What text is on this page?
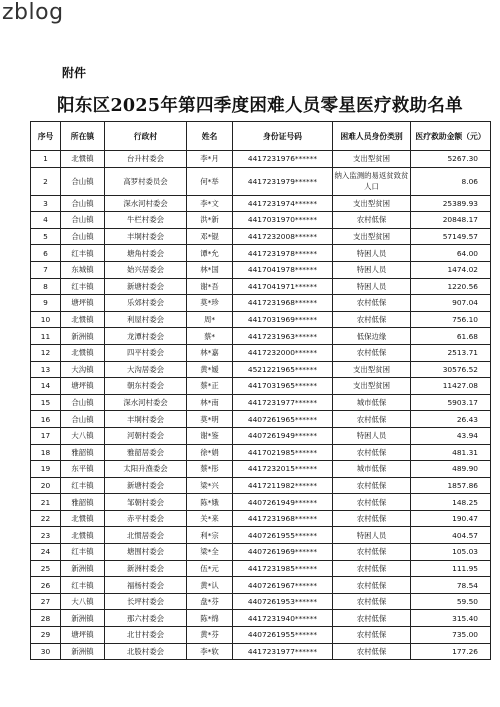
zblog
附件
阳东区2025年第四季度困难人员零星医疗救助名单
序号	所在镇	行政村	姓名	身份证号码	困难人员身份类别	医疗救助金额（元）
1	北惯镇	台升村委会	李*月	4417231976******	支出型贫困	5267.30
2	合山镇	高罗村委员会	何*举	4417231979******	纳入监测的易返贫致贫人口	8.06
3	合山镇	深水河村委会	李*文	4417231974******	支出型贫困	25389.93
4	合山镇	牛栏村委会	洪*新	4417031970******	农村低保	20848.17
5	合山镇	丰垌村委会	邓*锟	4417232008******	支出型贫困	57149.57
6	红丰镇	塘角村委会	谭*允	4417231978******	特困人员	64.00
7	东城镇	始兴居委会	林*国	4417041978******	特困人员	1474.02
8	红丰镇	新塘村委会	谢*吾	4417041971******	特困人员	1220.56
9	塘坪镇	乐郊村委会	莫*珍	4417231968******	农村低保	907.04
10	北惯镇	利屋村委会	周*	4417031969******	农村低保	756.10
11	新洲镇	龙潭村委会	蔡*	4417231963******	低保边缘	61.68
12	北惯镇	四平村委会	林*嘉	4417232000******	农村低保	2513.71
13	大沟镇	大沟居委会	黄*嫒	4521221965******	支出型贫困	30576.52
14	塘坪镇	朝东村委会	蔡*正	4417031965******	支出型贫困	11427.08
15	合山镇	深水河村委会	林*南	4417231977******	城市低保	5903.17
16	合山镇	丰垌村委会	莫*明	4407261965******	农村低保	26.43
17	大八镇	河朝村委会	谢*鉴	4407261949******	特困人员	43.94
18	雅韶镇	雅韶居委会	徐*娟	4417021985******	农村低保	481.31
19	东平镇	太阳升渔委会	蔡*彤	4417232015******	城市低保	489.90
20	红丰镇	新塘村委会	梁*兴	4417211982******	农村低保	1857.86
21	雅韶镇	邹朝村委会	陈*娥	4407261949******	农村低保	148.25
22	北惯镇	赤平村委会	关*来	4417231968******	农村低保	190.47
23	北惯镇	北惯居委会	利*宗	4407261955******	特困人员	404.57
24	红丰镇	塘围村委会	梁*全	4407261969******	农村低保	105.03
25	新洲镇	新洲村委会	伍*元	4417231985******	农村低保	111.95
26	红丰镇	福杨村委会	黄*认	4407261967******	农村低保	78.54
27	大八镇	长坪村委会	盘*芬	4407261953******	农村低保	59.50
28	新洲镇	那六村委会	陈*绵	4417231940******	农村低保	315.40
29	塘坪镇	北甘村委会	黄*芬	4407261955******	农村低保	735.00
30	新洲镇	北股村委会	李*软	4417231977******	农村低保	177.26
